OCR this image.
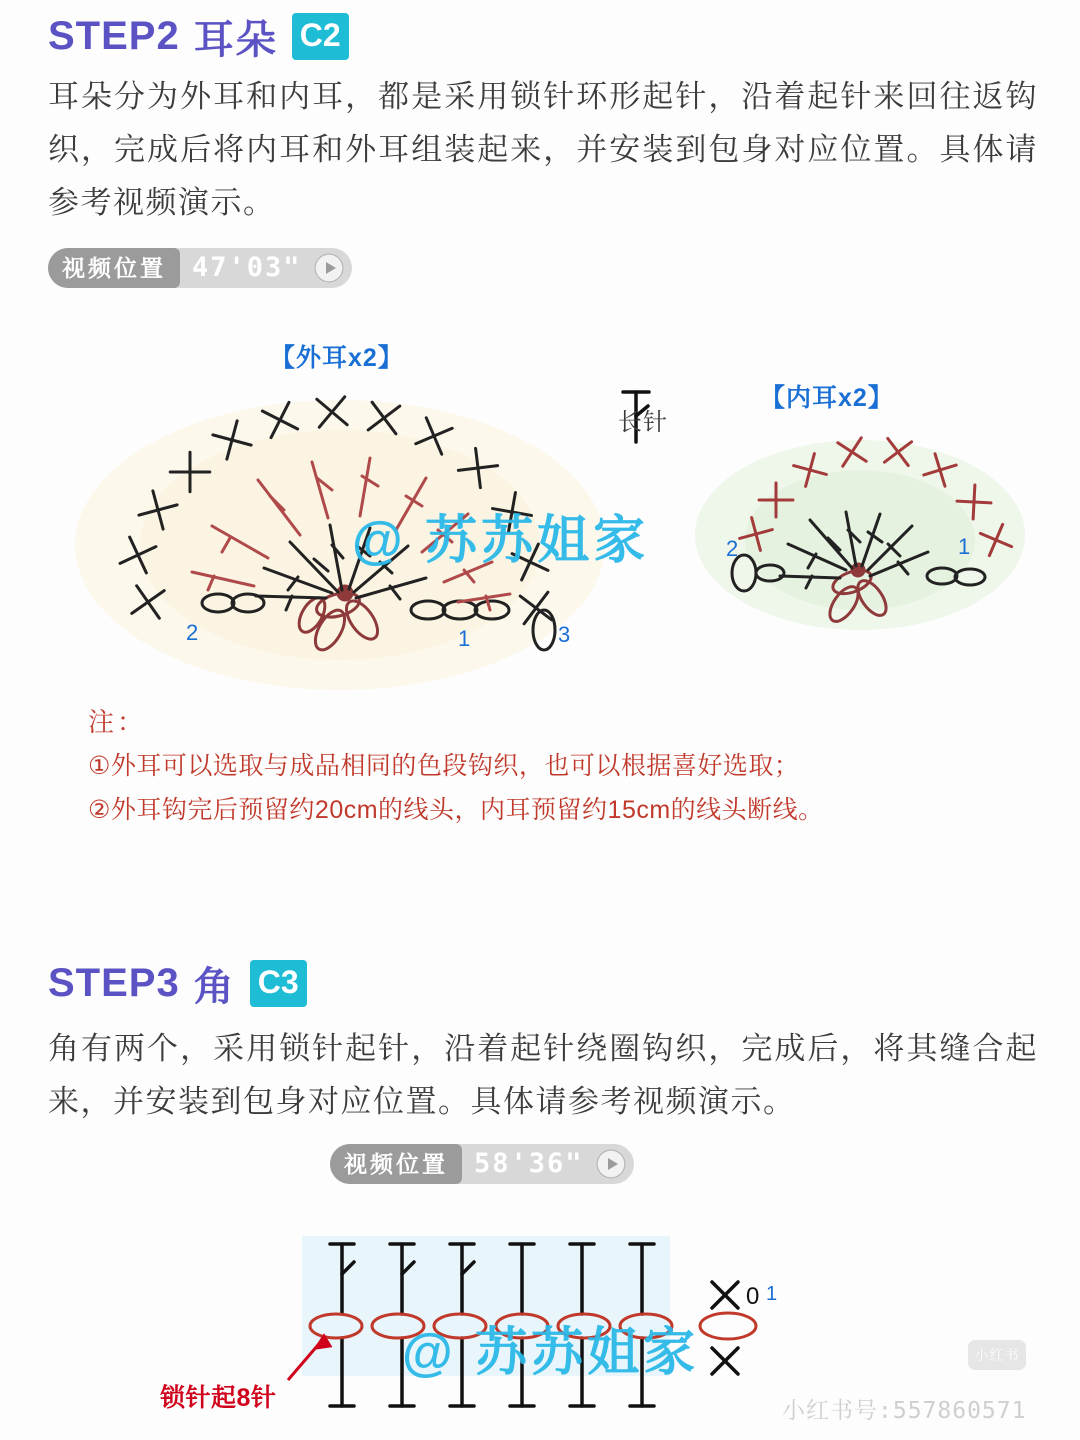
STEP2 耳朵 C2
耳朵分为外耳和内耳，都是采用锁针环形起针，沿着起针来回往返钩织，完成后将内耳和外耳组装起来，并安装到包身对应位置。具体请参考视频演示。
视频位置 47'03"
2	1	3
2	1
【外耳x2】
【内耳x2】
长针
@ 苏苏姐家
注：
①外耳可以选取与成品相同的色段钩织，也可以根据喜好选取；
②外耳钩完后预留约20cm的线头，内耳预留约15cm的线头断线。
STEP3 角 C3
角有两个，采用锁针起针，沿着起针绕圈钩织，完成后，将其缝合起来，并安装到包身对应位置。具体请参考视频演示。
视频位置 58'36"
0 1
锁针起8针
@ 苏苏姐家	小红书
小红书号:557860571
